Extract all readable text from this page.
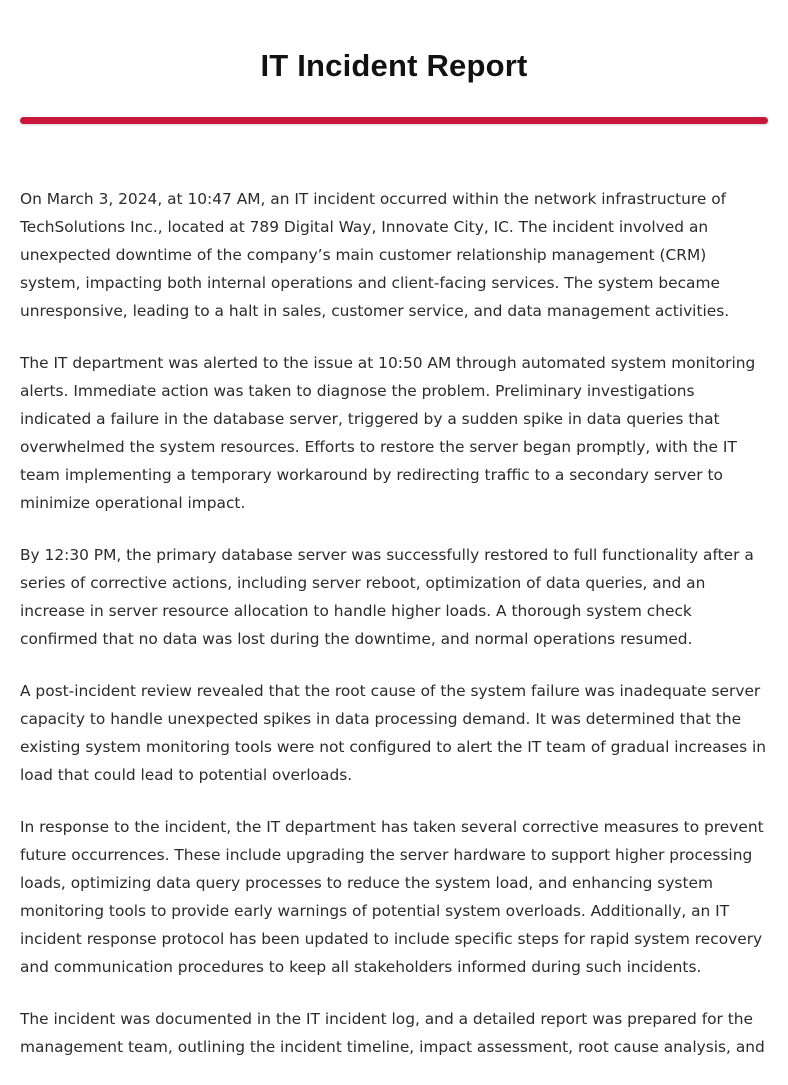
IT Incident Report

On March 3, 2024, at 10:47 AM, an IT incident occurred within the network infrastructure of TechSolutions Inc., located at 789 Digital Way, Innovate City, IC. The incident involved an unexpected downtime of the company’s main customer relationship management (CRM) system, impacting both internal operations and client-facing services. The system became unresponsive, leading to a halt in sales, customer service, and data management activities.

The IT department was alerted to the issue at 10:50 AM through automated system monitoring alerts. Immediate action was taken to diagnose the problem. Preliminary investigations indicated a failure in the database server, triggered by a sudden spike in data queries that overwhelmed the system resources. Efforts to restore the server began promptly, with the IT team implementing a temporary workaround by redirecting traffic to a secondary server to minimize operational impact.

By 12:30 PM, the primary database server was successfully restored to full functionality after a series of corrective actions, including server reboot, optimization of data queries, and an increase in server resource allocation to handle higher loads. A thorough system check confirmed that no data was lost during the downtime, and normal operations resumed.

A post-incident review revealed that the root cause of the system failure was inadequate server capacity to handle unexpected spikes in data processing demand. It was determined that the existing system monitoring tools were not configured to alert the IT team of gradual increases in load that could lead to potential overloads.

In response to the incident, the IT department has taken several corrective measures to prevent future occurrences. These include upgrading the server hardware to support higher processing loads, optimizing data query processes to reduce the system load, and enhancing system monitoring tools to provide early warnings of potential system overloads. Additionally, an IT incident response protocol has been updated to include specific steps for rapid system recovery and communication procedures to keep all stakeholders informed during such incidents.

The incident was documented in the IT incident log, and a detailed report was prepared for the management team, outlining the incident timeline, impact assessment, root cause analysis, and
